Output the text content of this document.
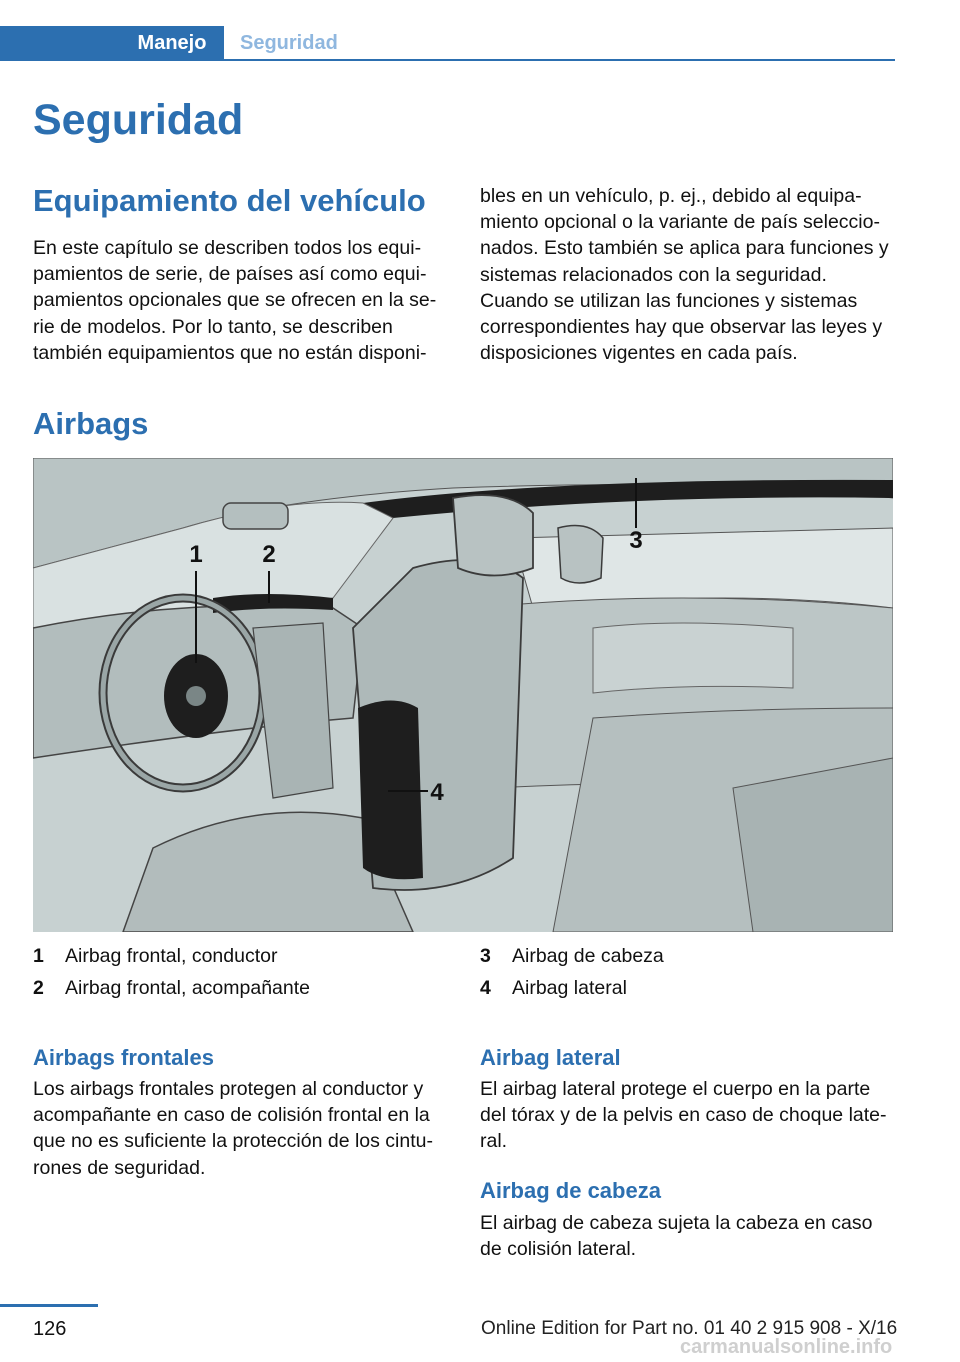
Manejo	Seguridad
Seguridad
Equipamiento del vehículo

En este capítulo se describen todos los equi-
pamientos de serie, de países así como equi-
pamientos opcionales que se ofrecen en la se-
rie de modelos. Por lo tanto, se describen
también equipamientos que no están disponi-

bles en un vehículo, p. ej., debido al equipa-
miento opcional o la variante de país seleccio-
nados. Esto también se aplica para funciones y
sistemas relacionados con la seguridad.
Cuando se utilizan las funciones y sistemas
correspondientes hay que observar las leyes y
disposiciones vigentes en cada país.

Airbags
1 2
3
4
1	Airbag frontal, conductor
2	Airbag frontal, acompañante
3	Airbag de cabeza
4	Airbag lateral
Airbags frontales

Los airbags frontales protegen al conductor y
acompañante en caso de colisión frontal en la
que no es suficiente la protección de los cintu-
rones de seguridad.

Airbag lateral

El airbag lateral protege el cuerpo en la parte
del tórax y de la pelvis en caso de choque late-
ral.

Airbag de cabeza

El airbag de cabeza sujeta la cabeza en caso
de colisión lateral.

126	Online Edition for Part no. 01 40 2 915 908 - X/16
carmanualsonline.info
